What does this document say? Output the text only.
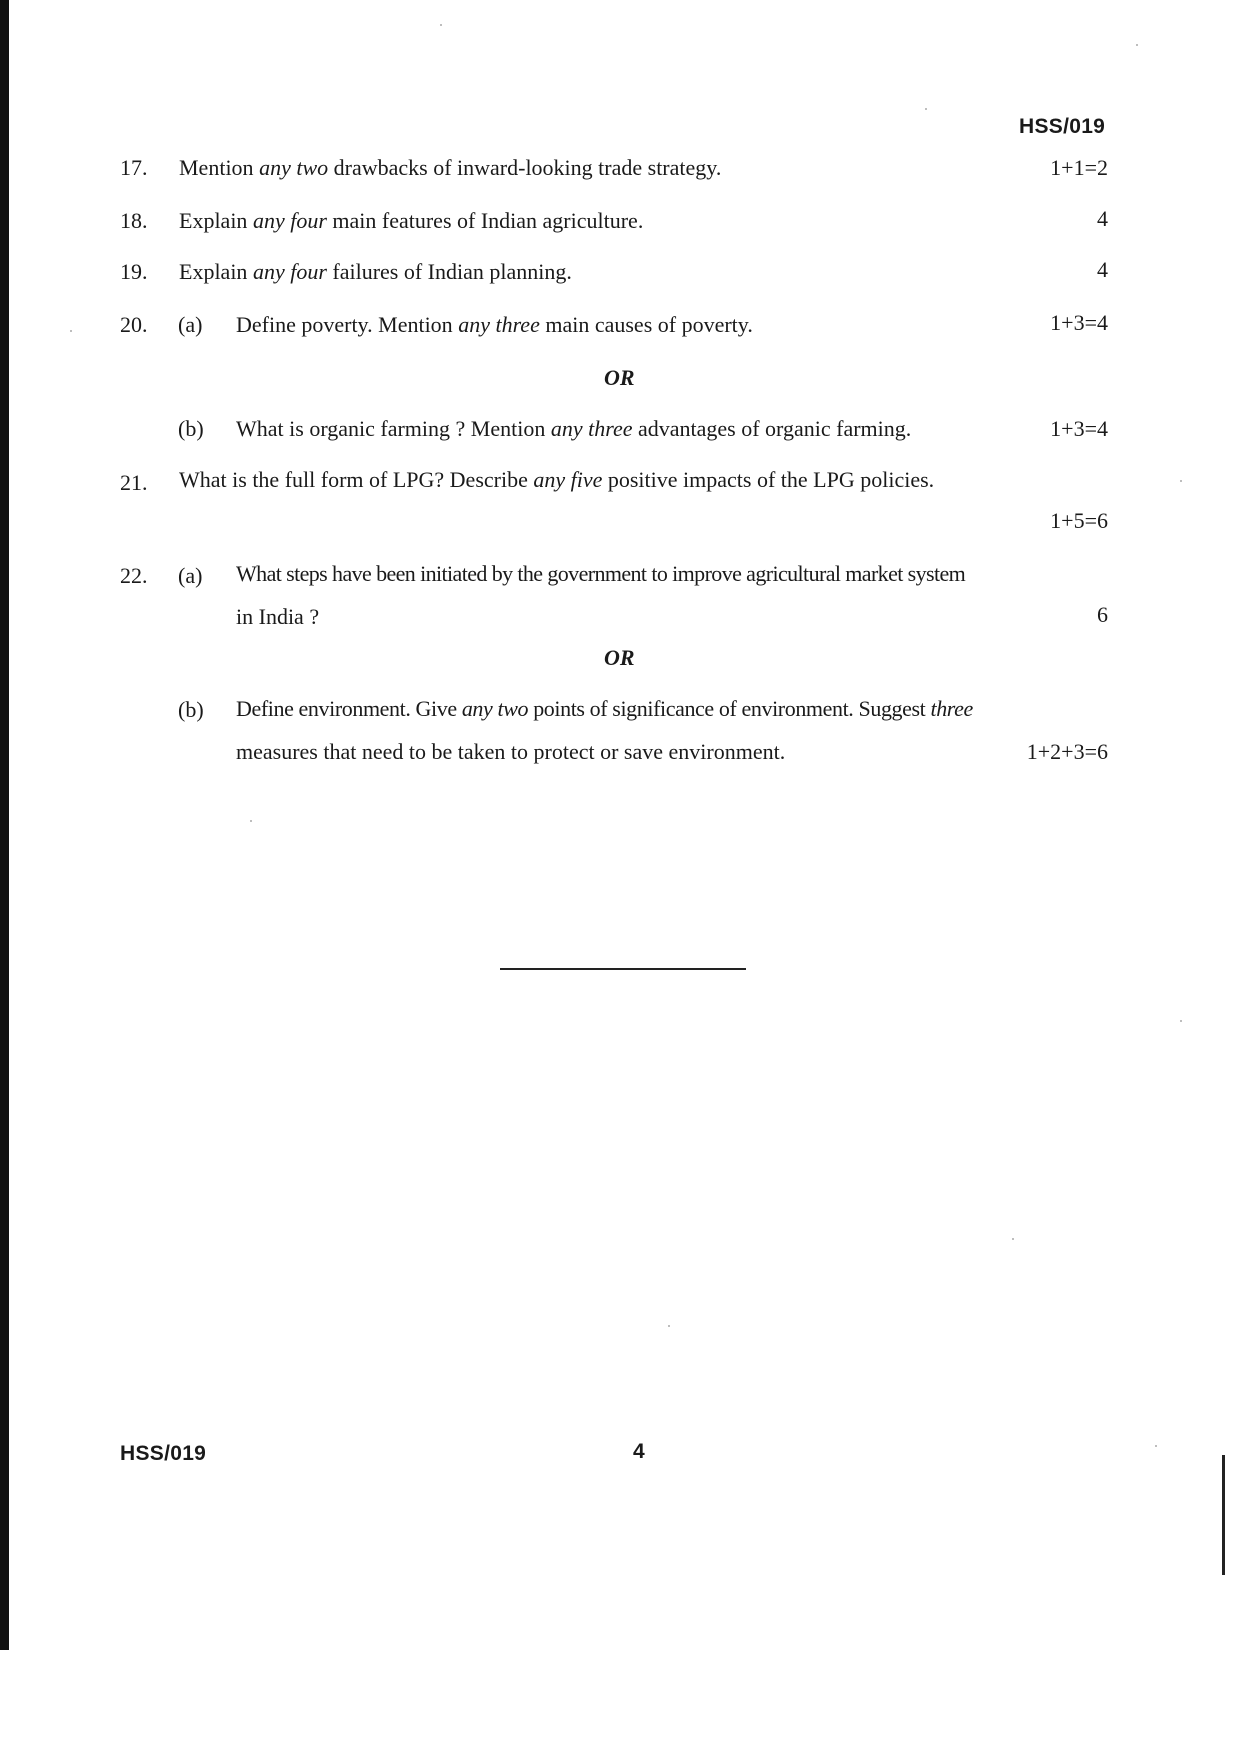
HSS/019
17. Mention any two drawbacks of inward-looking trade strategy.	1+1=2
18. Explain any four main features of Indian agriculture.	4
19. Explain any four failures of Indian planning.	4
20. (a) Define poverty. Mention any three main causes of poverty.	1+3=4
OR
(b) What is organic farming ? Mention any three advantages of organic farming.	1+3=4
21. What is the full form of LPG? Describe any five positive impacts of the LPG policies.
1+5=6
22. (a) What steps have been initiated by the government to improve agricultural market system
in India ?	6
OR
(b) Define environment. Give any two points of significance of environment. Suggest three
measures that need to be taken to protect or save environment.	1+2+3=6
HSS/019	4
